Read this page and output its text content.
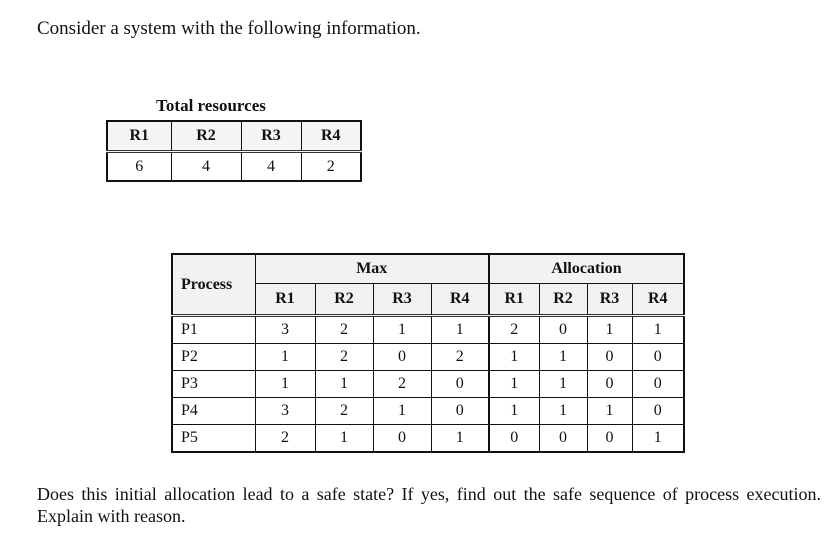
Consider a system with the following information.
Total resources
R1	R2	R3	R4
6	4	4	2
Process	Max				Allocation			
	R1	R2	R3	R4	R1	R2	R3	R4
P1	3	2	1	1	2	0	1	1
P2	1	2	0	2	1	1	0	0
P3	1	1	2	0	1	1	0	0
P4	3	2	1	0	1	1	1	0
P5	2	1	0	1	0	0	0	1
Does this initial allocation lead to a safe state? If yes, find out the safe sequence of process execution. Explain with reason.
